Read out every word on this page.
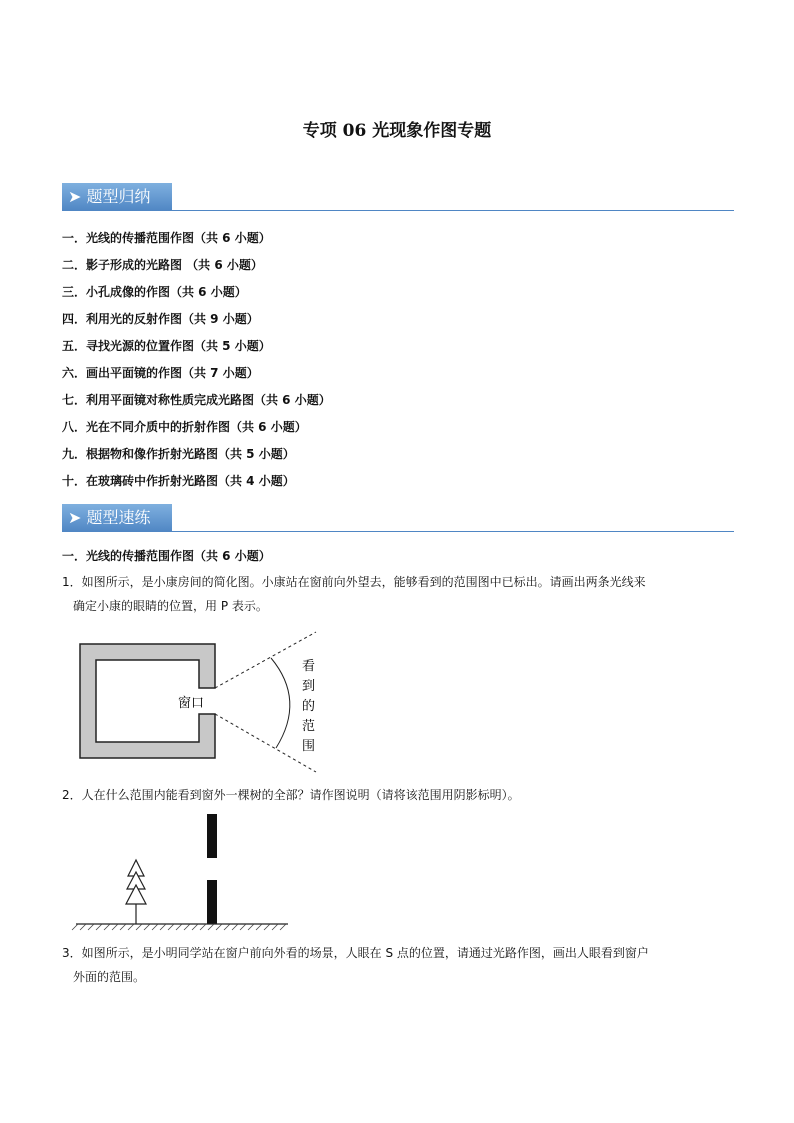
专项 06 光现象作图专题
➤ 题型归纳
一．光线的传播范围作图（共 6 小题）
二．影子形成的光路图 （共 6 小题）
三．小孔成像的作图（共 6 小题）
四．利用光的反射作图（共 9 小题）
五．寻找光源的位置作图（共 5 小题）
六．画出平面镜的作图（共 7 小题）
七．利用平面镜对称性质完成光路图（共 6 小题）
八．光在不同介质中的折射作图（共 6 小题）
九．根据物和像作折射光路图（共 5 小题）
十．在玻璃砖中作折射光路图（共 4 小题）
➤ 题型速练
一．光线的传播范围作图（共 6 小题）
1．如图所示，是小康房间的简化图。小康站在窗前向外望去，能够看到的范围图中已标出。请画出两条光线来
确定小康的眼睛的位置，用 P 表示。
窗口
看
到
的
范
围
2．人在什么范围内能看到窗外一棵树的全部？请作图说明（请将该范围用阴影标明）。
3．如图所示，是小明同学站在窗户前向外看的场景，人眼在 S 点的位置，请通过光路作图，画出人眼看到窗户
外面的范围。
